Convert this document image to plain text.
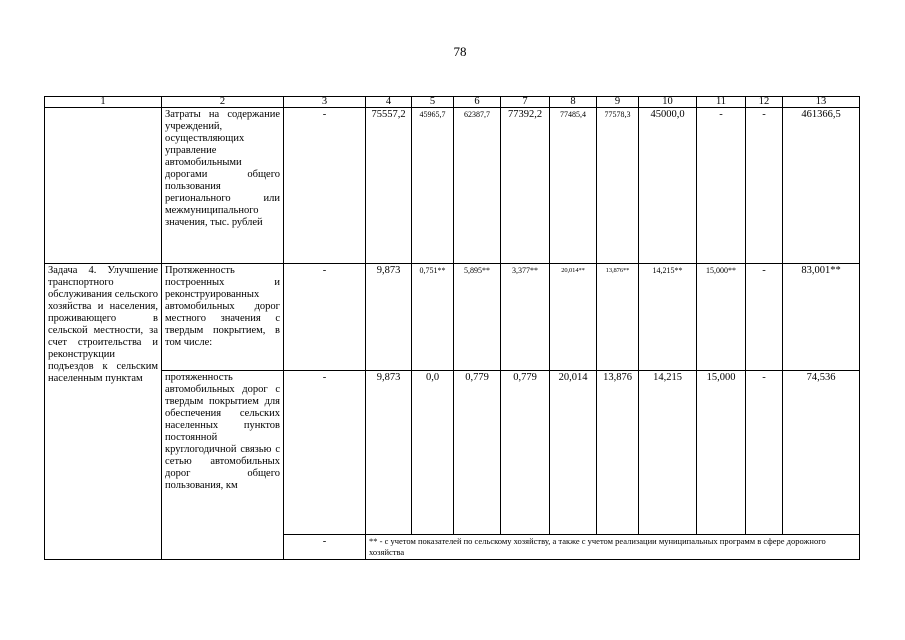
78
1	2	3	4	5	6	7	8	9	10	11	12	13
	Затраты на содержание учреждений, осуществляющих управление автомобильными дорогами общего пользования регионального или межмуниципального значения, тыс. рублей	-	75557,2	45965,7	62387,7	77392,2	77485,4	77578,3	45000,0	-	-	461366,5
Задача 4. Улучшение транспортного обслуживания сельского хозяйства и населения, проживающего в сельской местности, за счет строительства и реконструкции подъездов к сельским населенным пунктам	Протяженность построенных и реконструированных автомобильных дорог местного значения с твердым покрытием, в том числе:	-	9,873	0,751**	5,895**	3,377**	20,014**	13,876**	14,215**	15,000**	-	83,001**
	протяженность автомобильных дорог с твердым покрытием для обеспечения сельских населенных пунктов постоянной круглогодичной связью с сетью автомобильных дорог общего пользования, км	-	9,873	0,0	0,779	0,779	20,014	13,876	14,215	15,000	-	74,536
		-	** - с учетом показателей по сельскому хозяйству, а также с учетом реализации муниципальных программ в сфере дорожного хозяйства									
